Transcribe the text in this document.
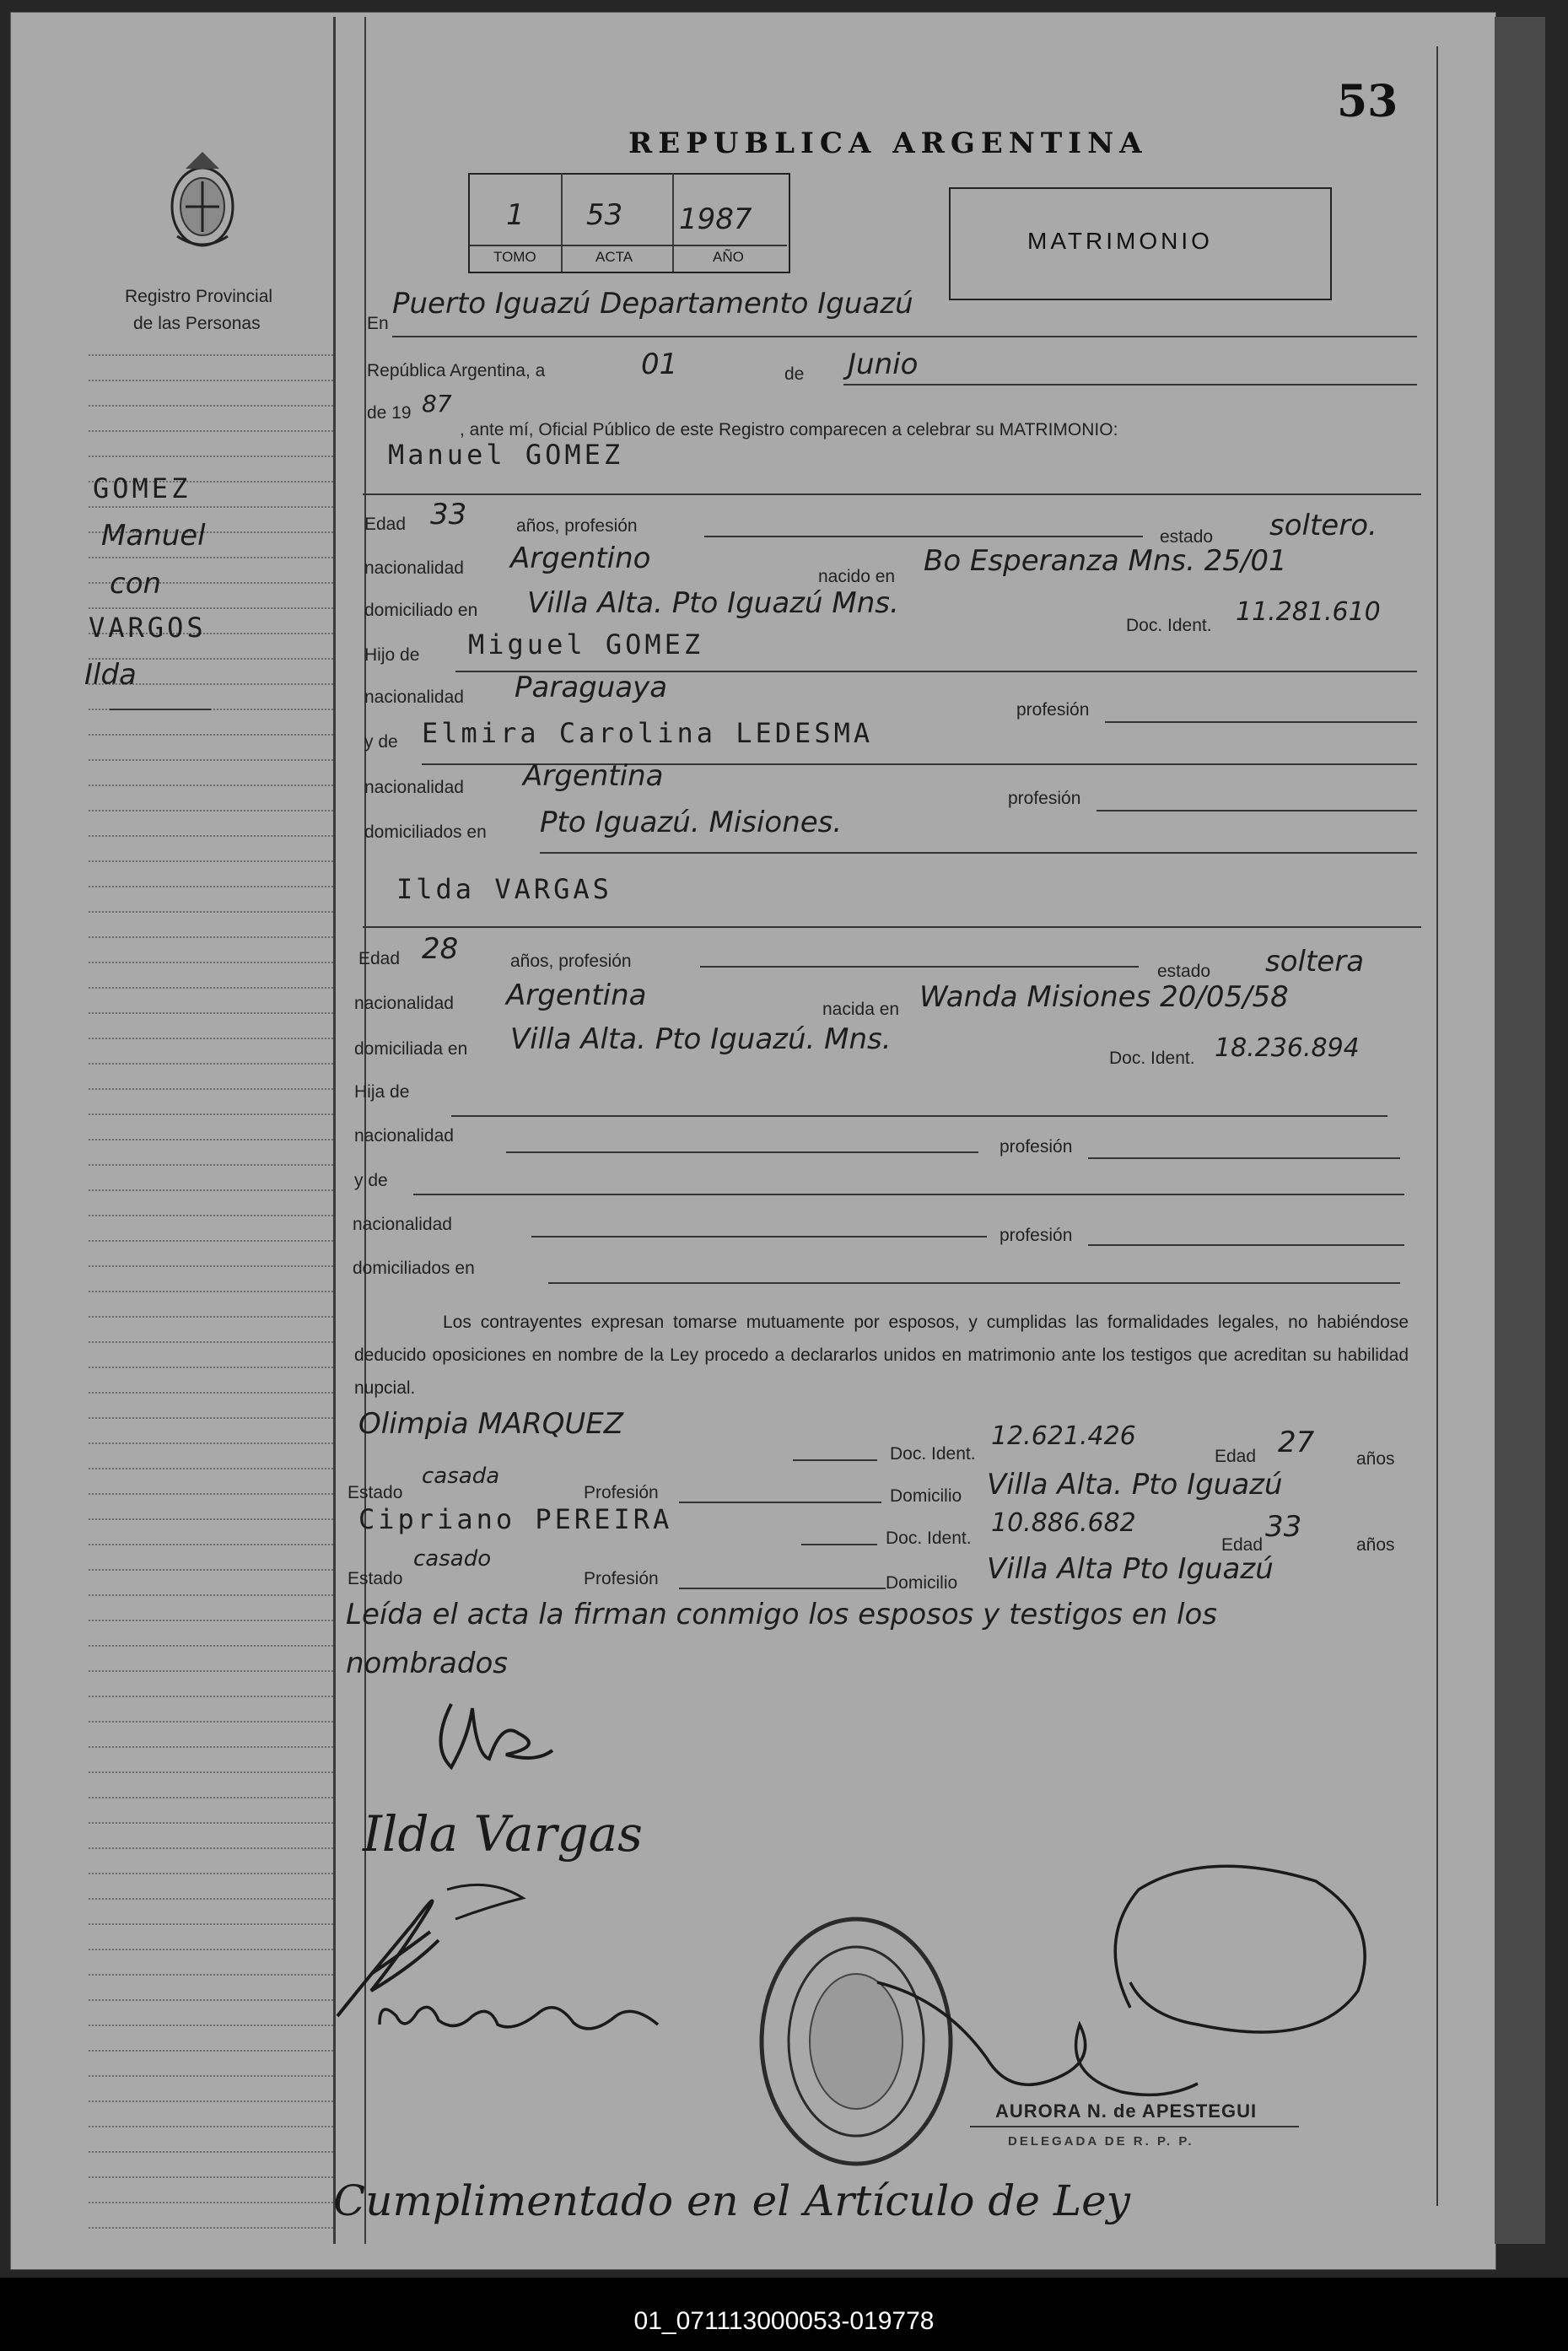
Registro Provincial
de las Personas
GOMEZ
Manuel
con
VARGOS
Ilda
53
REPUBLICA ARGENTINA
1 53 1987
TOMO	ACTA	AÑO
MATRIMONIO
En
Puerto Iguazú Departamento Iguazú
República Argentina, a	01	de Junio
de 19 87
, ante mí, Oficial Público de este Registro comparecen a celebrar su MATRIMONIO:
Manuel GOMEZ
Edad 33	años, profesión
estado soltero.
nacionalidad Argentino
nacido en Bo Esperanza Mns. 25/01
domiciliado en Villa Alta. Pto Iguazú Mns.
Doc. Ident. 11.281.610
Hijo de Miguel GOMEZ
nacionalidad Paraguaya
profesión
y de Elmira Carolina LEDESMA
nacionalidad Argentina
profesión
domiciliados en Pto Iguazú. Misiones.
Ilda VARGAS
Edad 28	años, profesión
estado soltera
nacionalidad Argentina	nacida en Wanda Misiones 20/05/58
domiciliada en Villa Alta. Pto Iguazú. Mns.
Doc. Ident. 18.236.894
Hija de
nacionalidad
profesión
y de
nacionalidad
profesión
domiciliados en
Los contrayentes expresan tomarse mutuamente por esposos, y cumplidas las formalidades legales, no habiéndose deducido oposiciones en nombre de la Ley procedo a declararlos unidos en matrimonio ante los testigos que acreditan su habilidad nupcial.
Olimpia MARQUEZ
Doc. Ident.
12.621.426
Edad 27 años
Estado
casada
Profesión	Domicilio Villa Alta. Pto Iguazú
Cipriano PEREIRA
Doc. Ident.
10.886.682
Edad
33
años
Estado
casado
Profesión	Domicilio Villa Alta Pto Iguazú
Leída el acta la firman conmigo los esposos y testigos en los nombrados
Ilda Vargas
AURORA N. de APESTEGUI
DELEGADA DE R. P. P.
Cumplimentado en el Artículo de Ley
01_071113000053-019778
